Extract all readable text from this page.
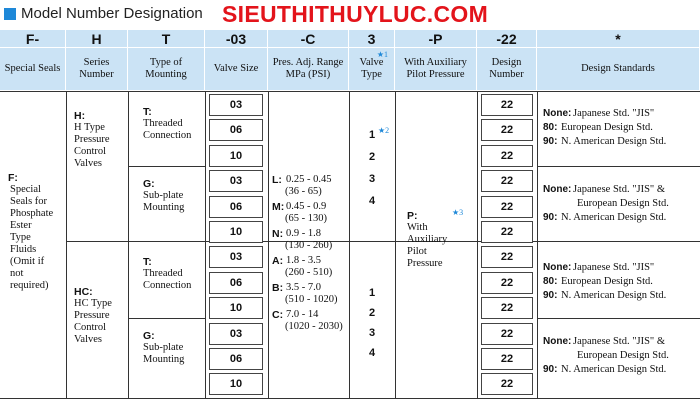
Model Number Designation SIEUTHITHUYLUC.COM
F-
Special Seals
H
Series Number
T
Type of Mounting
-03
Valve Size
-C
Pres. Adj. Range MPa (PSI)
3
Valve Type
★1
-P
With Auxiliary Pilot Pressure
-22
Design Number
*
Design Standards
F:
Special
Seals for
Phosphate
Ester
Type
Fluids
(Omit if
not
required)
H:
H Type
Pressure
Control
Valves
HC:
HC Type
Pressure
Control
Valves
T:
Threaded
Connection
G:
Sub-plate
Mounting
T:
Threaded
Connection
G:
Sub-plate
Mounting
03
06
10
03
06
10
03
06
10
03
06
10
L: 0.25 - 0.45
(36 - 65)
M: 0.45 - 0.9
(65 - 130)
N: 0.9 - 1.8
(130 - 260)
A: 1.8 - 3.5
(260 - 510)
B: 3.5 - 7.0
(510 - 1020)
C: 7.0 - 14
(1020 - 2030)
1
2
3
4
★2
1
2
3
4
P:	★3
With
Auxiliary
Pilot
Pressure
22
22
22
22
22
22
22
22
22
22
22
22
None: Japanese Std. "JIS"
80: European Design Std.
90: N. American Design Std.
None: Japanese Std. "JIS" &
European Design Std.
90: N. American Design Std.
None: Japanese Std. "JIS"
80: European Design Std.
90: N. American Design Std.
None: Japanese Std. "JIS" &
European Design Std.
90: N. American Design Std.
